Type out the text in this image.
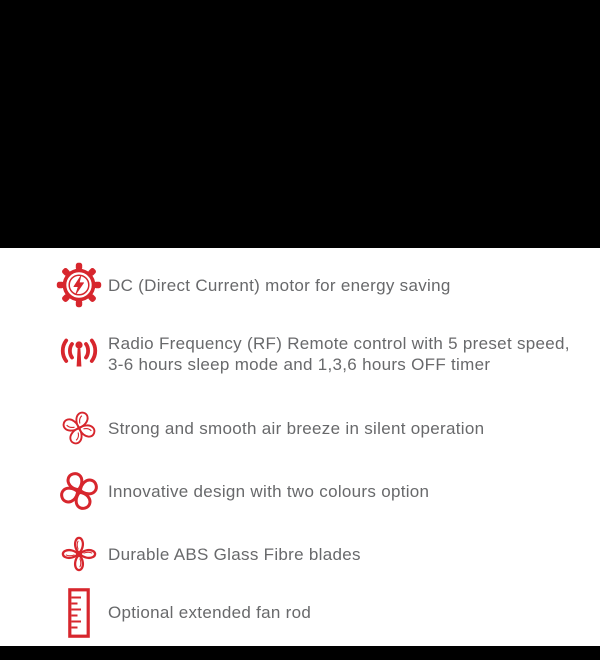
DC (Direct Current) motor for energy saving
Radio Frequency (RF) Remote control with 5 preset speed,
3-6 hours sleep mode and 1,3,6 hours OFF timer
Strong and smooth air breeze in silent operation
Innovative design with two colours option
Durable ABS Glass Fibre blades
Optional extended fan rod
